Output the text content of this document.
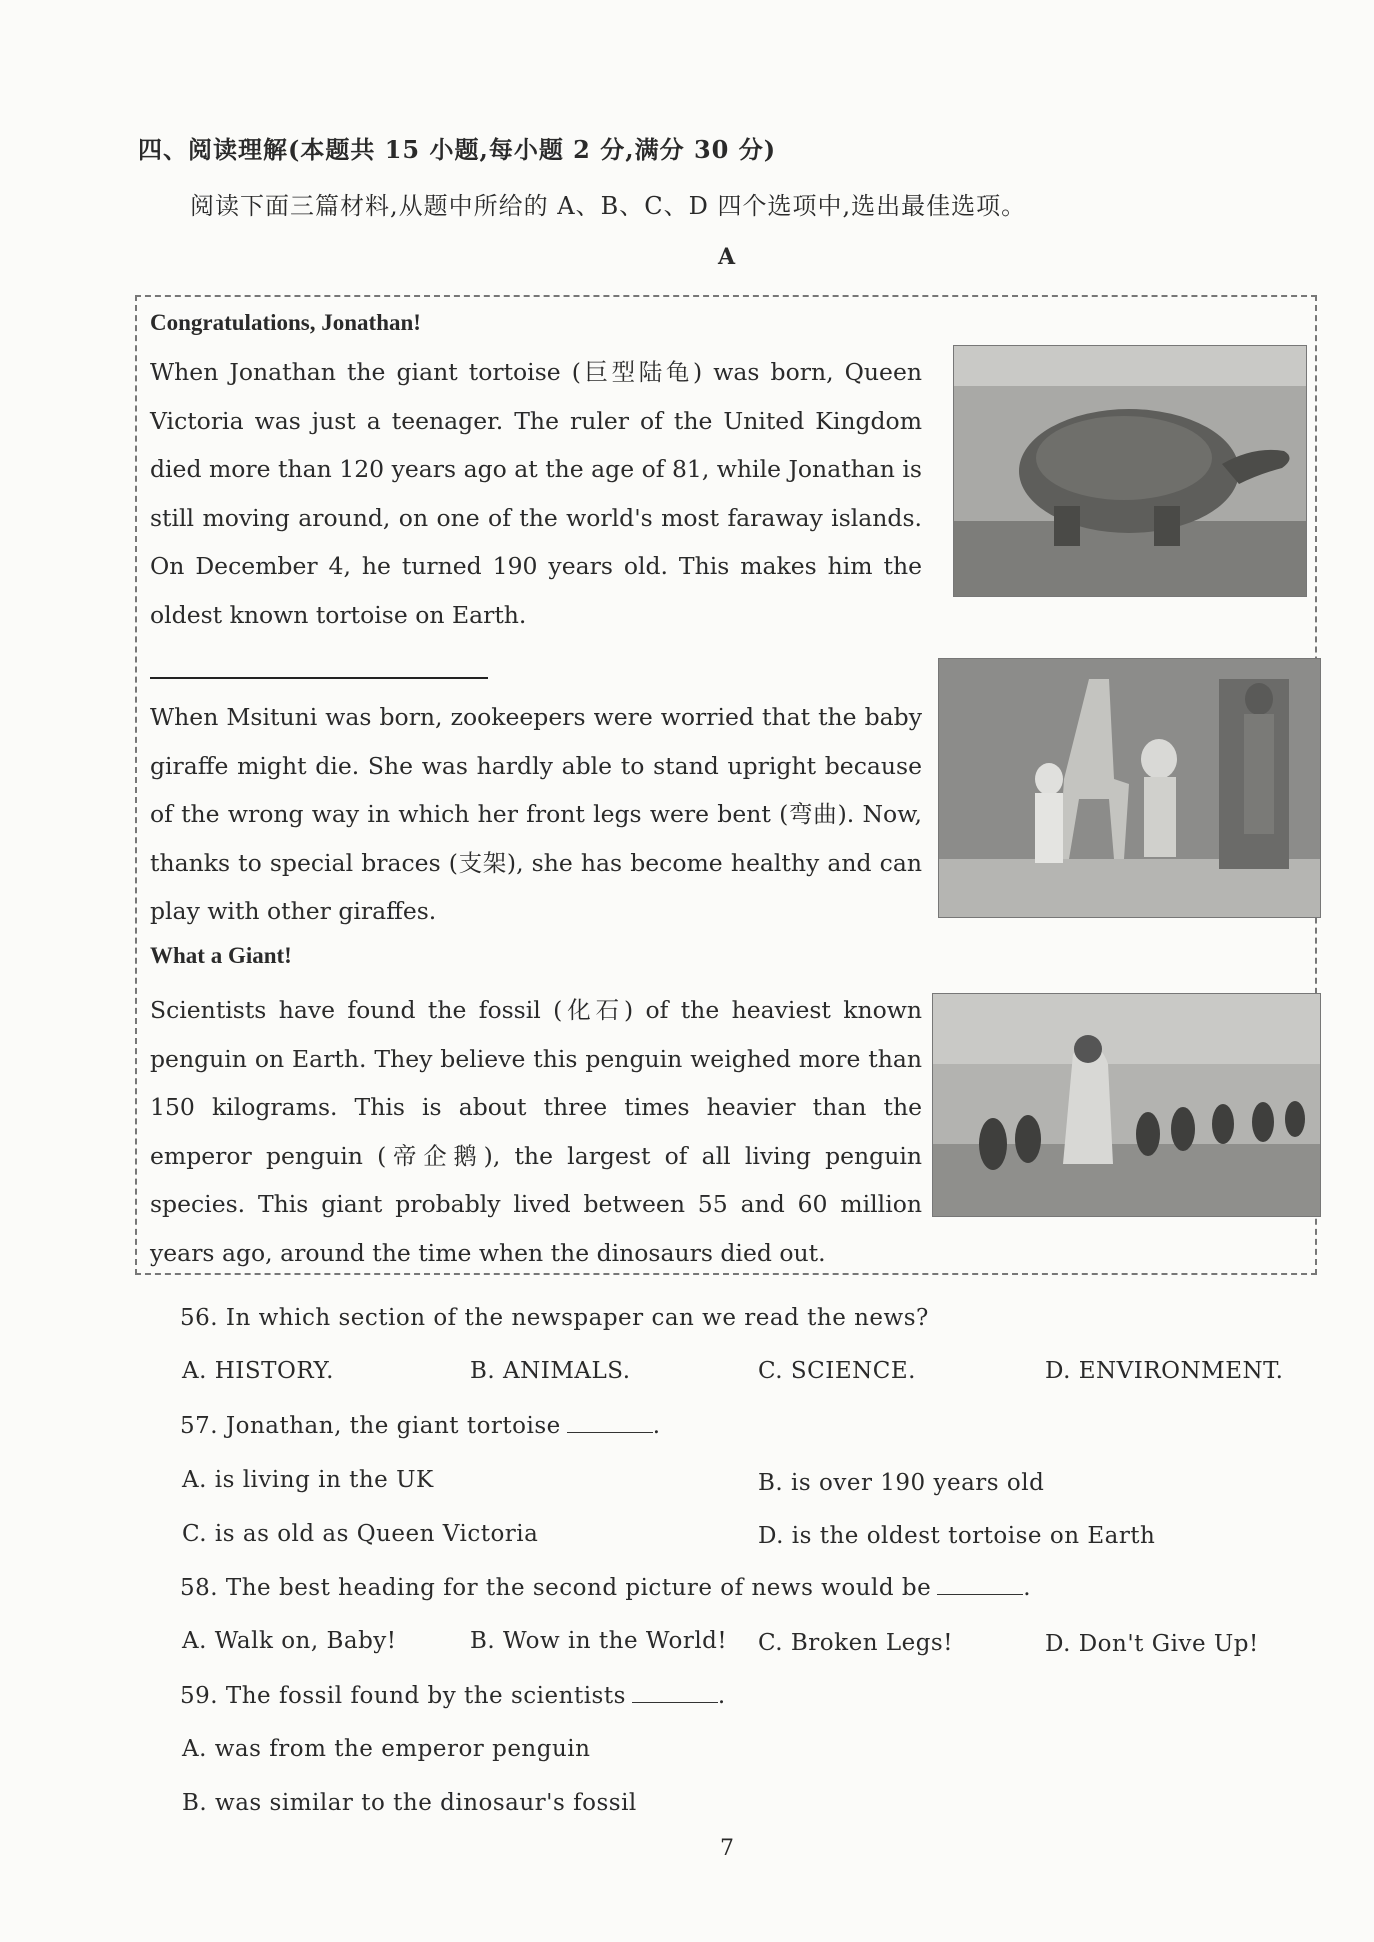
四、阅读理解(本题共 15 小题,每小题 2 分,满分 30 分)
阅读下面三篇材料,从题中所给的 A、B、C、D 四个选项中,选出最佳选项。
A
Congratulations, Jonathan!
When Jonathan the giant tortoise (巨型陆龟) was born, Queen Victoria was just a teenager. The ruler of the United Kingdom died more than 120 years ago at the age of 81, while Jonathan is still moving around, on one of the world's most faraway islands. On December 4, he turned 190 years old. This makes him the oldest known tortoise on Earth.
When Msituni was born, zookeepers were worried that the baby giraffe might die. She was hardly able to stand upright because of the wrong way in which her front legs were bent (弯曲). Now, thanks to special braces (支架), she has become healthy and can play with other giraffes.
What a Giant!
Scientists have found the fossil (化石) of the heaviest known penguin on Earth. They believe this penguin weighed more than 150 kilograms. This is about three times heavier than the emperor penguin (帝企鹅), the largest of all living penguin species. This giant probably lived between 55 and 60 million years ago, around the time when the dinosaurs died out.
56. In which section of the newspaper can we read the news?
A. HISTORY.	B. ANIMALS.	C. SCIENCE.	D. ENVIRONMENT.
57. Jonathan, the giant tortoise	.
A. is living in the UK	B. is over 190 years old
C. is as old as Queen Victoria	D. is the oldest tortoise on Earth
58. The best heading for the second picture of news would be	.
A. Walk on, Baby!	B. Wow in the World! C. Broken Legs!	D. Don't Give Up!
59. The fossil found by the scientists	.
A. was from the emperor penguin
B. was similar to the dinosaur's fossil
7
